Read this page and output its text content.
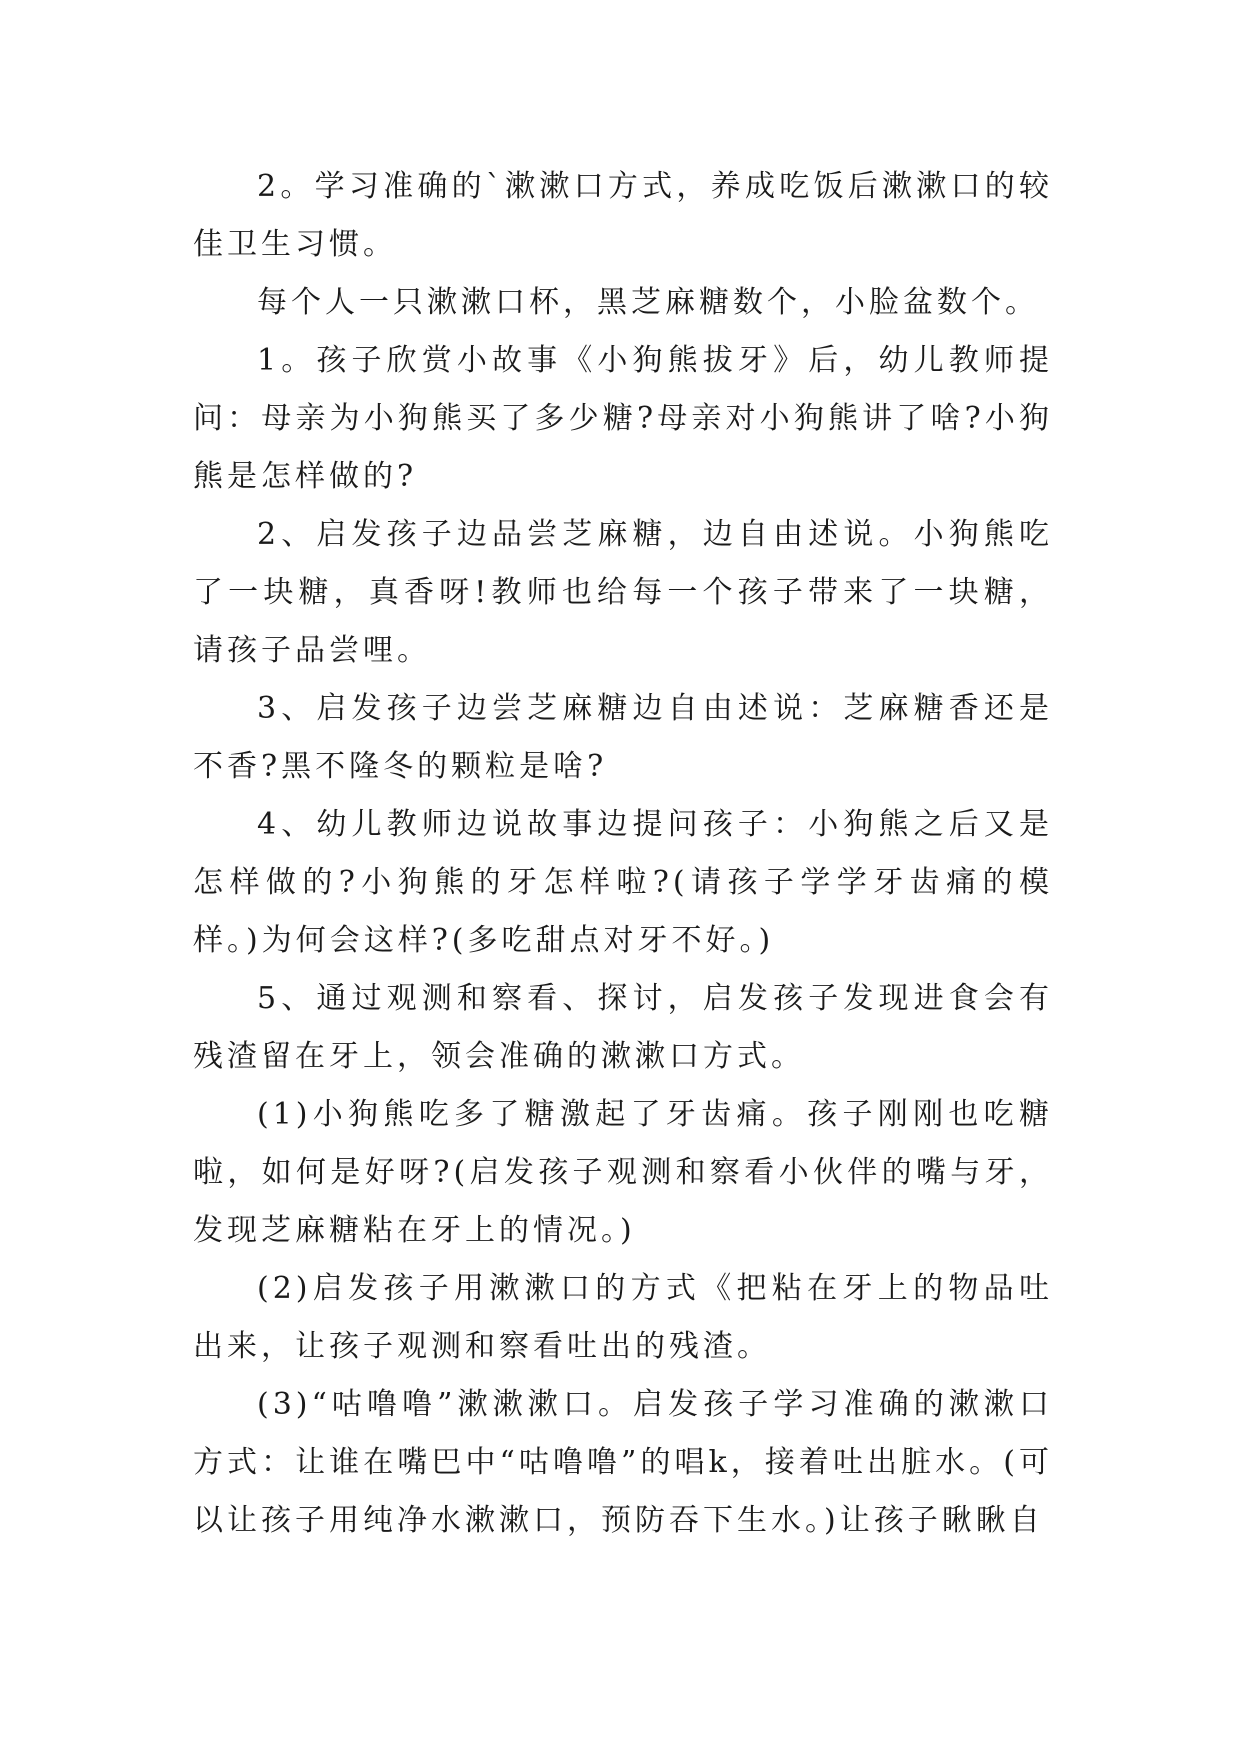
2。学习准确的`漱漱口方式，养成吃饭后漱漱口的较佳卫生习惯。

每个人一只漱漱口杯，黑芝麻糖数个，小脸盆数个。

1。孩子欣赏小故事《小狗熊拔牙》后，幼儿教师提问：母亲为小狗熊买了多少糖?母亲对小狗熊讲了啥?小狗熊是怎样做的?

2、启发孩子边品尝芝麻糖，边自由述说。小狗熊吃了一块糖，真香呀!教师也给每一个孩子带来了一块糖，请孩子品尝哩。

3、启发孩子边尝芝麻糖边自由述说：芝麻糖香还是不香?黑不隆冬的颗粒是啥?

4、幼儿教师边说故事边提问孩子：小狗熊之后又是怎样做的?小狗熊的牙怎样啦?(请孩子学学牙齿痛的模样。)为何会这样?(多吃甜点对牙不好。)

5、通过观测和察看、探讨，启发孩子发现进食会有残渣留在牙上，领会准确的漱漱口方式。

(1)小狗熊吃多了糖激起了牙齿痛。孩子刚刚也吃糖啦，如何是好呀?(启发孩子观测和察看小伙伴的嘴与牙，发现芝麻糖粘在牙上的情况。)

(2)启发孩子用漱漱口的方式《把粘在牙上的物品吐出来，让孩子观测和察看吐出的残渣。

(3)“咕噜噜”漱漱漱口。启发孩子学习准确的漱漱口方式：让谁在嘴巴中“咕噜噜”的唱k，接着吐出脏水。(可以让孩子用纯净水漱漱口，预防吞下生水。)让孩子瞅瞅自
